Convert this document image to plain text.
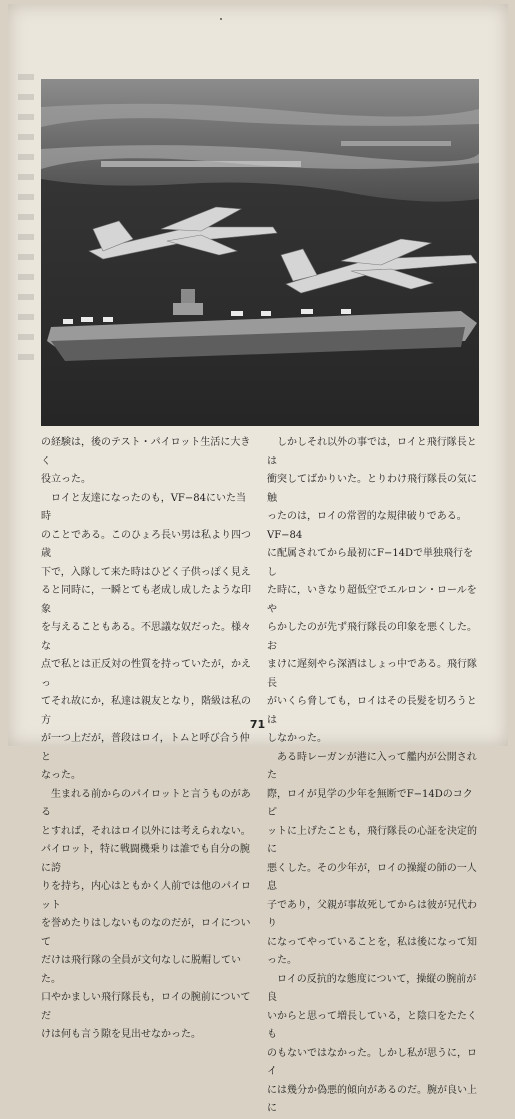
の経験は，後のテスト・パイロット生活に大きく
役立った。
　ロイと友達になったのも，VF−84にいた当時
のことである。このひょろ長い男は私より四つ歳
下で，入隊して来た時はひどく子供っぽく見え
ると同時に，一瞬とても老成し成したような印象
を与えることもある。不思議な奴だった。様々な
点で私とは正反対の性質を持っていたが，かえっ
てそれ故にか，私達は親友となり，階級は私の方
が一つ上だが，普段はロイ，トムと呼び合う仲と
なった。
　生まれる前からのパイロットと言うものがある
とすれば，それはロイ以外には考えられない。
パイロット，特に戦闘機乗りは誰でも自分の腕に誇
りを持ち，内心はともかく人前では他のパイロット
を誉めたりはしないものなのだが，ロイについて
だけは飛行隊の全員が文句なしに脱帽していた。
口やかましい飛行隊長も，ロイの腕前についてだ
けは何も言う隙を見出せなかった。
　しかしそれ以外の事では，ロイと飛行隊長とは
衝突してばかりいた。とりわけ飛行隊長の気に触
ったのは，ロイの常習的な規律破りである。VF−84
に配属されてから最初にF−14Dで単独飛行をし
た時に，いきなり超低空でエルロン・ロールをや
らかしたのが先ず飛行隊長の印象を悪くした。お
まけに遅刻やら深酒はしょっ中である。飛行隊長
がいくら脅しても，ロイはその長髪を切ろうとは
しなかった。
　ある時レーガンが港に入って艦内が公開された
際，ロイが見学の少年を無断でF−14Dのコクピ
ットに上げたことも，飛行隊長の心証を決定的に
悪くした。その少年が，ロイの操縦の師の一人息
子であり，父親が事故死してからは彼が兄代わり
になってやっていることを，私は後になって知った。
　ロイの反抗的な態度について，操縦の腕前が良
いからと思って増長している，と陰口をたたくも
のもないではなかった。しかし私が思うに，ロイ
には幾分か偽悪的傾向があるのだ。腕が良い上に
71
